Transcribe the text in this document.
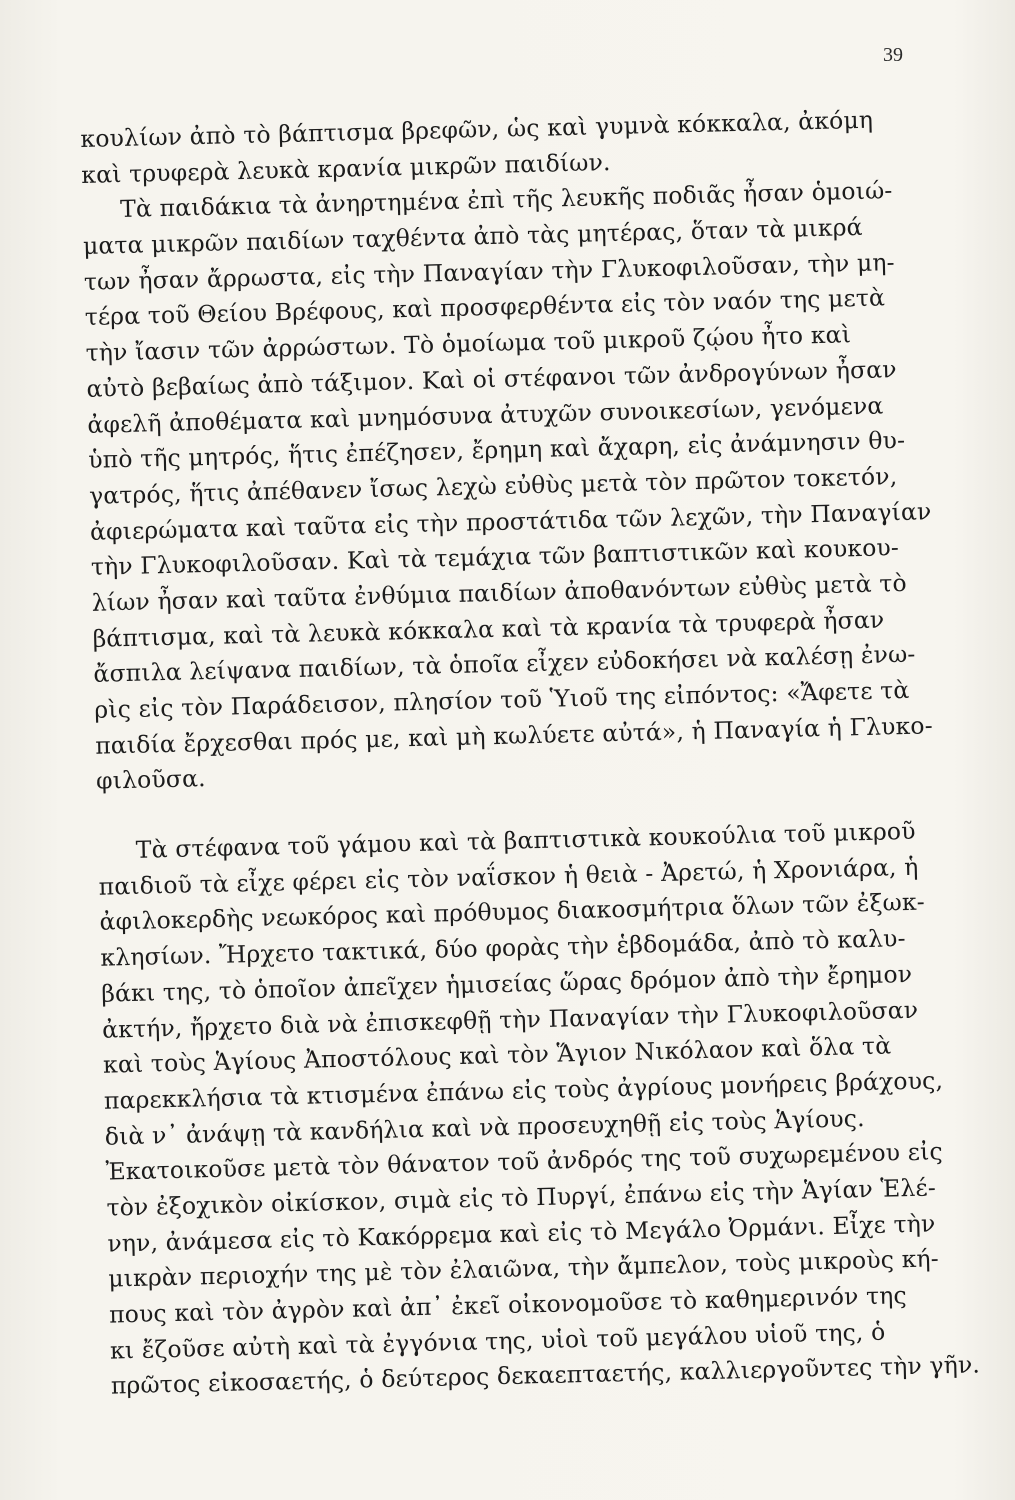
39
κουλίων ἀπὸ τὸ βάπτισμα βρεφῶν, ὡς καὶ γυμνὰ κόκκαλα, ἀκόμη
καὶ τρυφερὰ λευκὰ κρανία μικρῶν παιδίων.
Τὰ παιδάκια τὰ ἀνηρτημένα ἐπὶ τῆς λευκῆς ποδιᾶς ἦσαν ὁμοιώ-
ματα μικρῶν παιδίων ταχθέντα ἀπὸ τὰς μητέρας, ὅταν τὰ μικρά
των ἦσαν ἄρρωστα, εἰς τὴν Παναγίαν τὴν Γλυκοφιλοῦσαν, τὴν μη-
τέρα τοῦ Θείου Βρέφους, καὶ προσφερθέντα εἰς τὸν ναόν της μετὰ
τὴν ἴασιν τῶν ἀρρώστων. Τὸ ὁμοίωμα τοῦ μικροῦ ζῴου ἦτο καὶ
αὐτὸ βεβαίως ἀπὸ τάξιμον. Καὶ οἱ στέφανοι τῶν ἀνδρογύνων ἦσαν
ἀφελῆ ἀποθέματα καὶ μνημόσυνα ἀτυχῶν συνοικεσίων, γενόμενα
ὑπὸ τῆς μητρός, ἥτις ἐπέζησεν, ἔρημη καὶ ἄχαρη, εἰς ἀνάμνησιν θυ-
γατρός, ἥτις ἀπέθανεν ἴσως λεχὼ εὐθὺς μετὰ τὸν πρῶτον τοκετόν,
ἀφιερώματα καὶ ταῦτα εἰς τὴν προστάτιδα τῶν λεχῶν, τὴν Παναγίαν
τὴν Γλυκοφιλοῦσαν. Καὶ τὰ τεμάχια τῶν βαπτιστικῶν καὶ κουκου-
λίων ἦσαν καὶ ταῦτα ἐνθύμια παιδίων ἀποθανόντων εὐθὺς μετὰ τὸ
βάπτισμα, καὶ τὰ λευκὰ κόκκαλα καὶ τὰ κρανία τὰ τρυφερὰ ἦσαν
ἄσπιλα λείψανα παιδίων, τὰ ὁποῖα εἶχεν εὐδοκήσει νὰ καλέσῃ ἐνω-
ρὶς εἰς τὸν Παράδεισον, πλησίον τοῦ Ὑιοῦ της εἰπόντος: «Ἄφετε τὰ
παιδία ἔρχεσθαι πρός με, καὶ μὴ κωλύετε αὐτά», ἡ Παναγία ἡ Γλυκο-
φιλοῦσα.
Τὰ στέφανα τοῦ γάμου καὶ τὰ βαπτιστικὰ κουκούλια τοῦ μικροῦ
παιδιοῦ τὰ εἶχε φέρει εἰς τὸν ναΐσκον ἡ θειὰ - Ἀρετώ, ἡ Χρονιάρα, ἡ
ἀφιλοκερδὴς νεωκόρος καὶ πρόθυμος διακοσμήτρια ὅλων τῶν ἐξωκ-
κλησίων. Ἤρχετο τακτικά, δύο φορὰς τὴν ἑβδομάδα, ἀπὸ τὸ καλυ-
βάκι της, τὸ ὁποῖον ἀπεῖχεν ἡμισείας ὥρας δρόμον ἀπὸ τὴν ἔρημον
ἀκτήν, ἤρχετο διὰ νὰ ἐπισκεφθῇ τὴν Παναγίαν τὴν Γλυκοφιλοῦσαν
καὶ τοὺς Ἁγίους Ἀποστόλους καὶ τὸν Ἅγιον Νικόλαον καὶ ὅλα τὰ
παρεκκλήσια τὰ κτισμένα ἐπάνω εἰς τοὺς ἀγρίους μονήρεις βράχους,
διὰ ν᾽ ἀνάψῃ τὰ κανδήλια καὶ νὰ προσευχηθῇ εἰς τοὺς Ἁγίους.
Ἐκατοικοῦσε μετὰ τὸν θάνατον τοῦ ἀνδρός της τοῦ συχωρεμένου εἰς
τὸν ἐξοχικὸν οἰκίσκον, σιμὰ εἰς τὸ Πυργί, ἐπάνω εἰς τὴν Ἁγίαν Ἑλέ-
νην, ἀνάμεσα εἰς τὸ Κακόρρεμα καὶ εἰς τὸ Μεγάλο Ὀρμάνι. Εἶχε τὴν
μικρὰν περιοχήν της μὲ τὸν ἐλαιῶνα, τὴν ἄμπελον, τοὺς μικροὺς κή-
πους καὶ τὸν ἀγρὸν καὶ ἀπ᾽ ἐκεῖ οἰκονομοῦσε τὸ καθημερινόν της
κι ἔζοῦσε αὐτὴ καὶ τὰ ἐγγόνια της, υἱοὶ τοῦ μεγάλου υἱοῦ της, ὁ
πρῶτος εἰκοσαετής, ὁ δεύτερος δεκαεπταετής, καλλιεργοῦντες τὴν γῆν.
